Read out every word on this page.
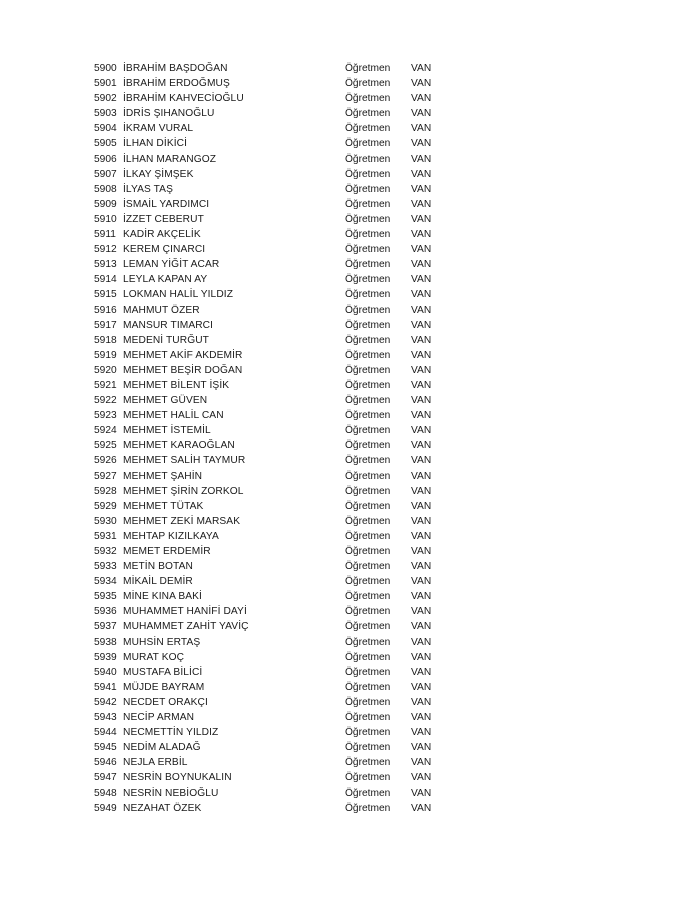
5900 İBRAHİM BAŞDOĞAN	Öğretmen VAN
5901 İBRAHİM ERDOĞMUŞ	Öğretmen VAN
5902 İBRAHİM KAHVECİOĞLU	Öğretmen VAN
5903 İDRİS ŞIHANOĞLU	Öğretmen VAN
5904 İKRAM VURAL	Öğretmen VAN
5905 İLHAN DİKİCİ	Öğretmen VAN
5906 İLHAN MARANGOZ	Öğretmen VAN
5907 İLKAY ŞİMŞEK	Öğretmen VAN
5908 İLYAS TAŞ	Öğretmen VAN
5909 İSMAİL YARDIMCI	Öğretmen VAN
5910 İZZET CEBERUT	Öğretmen VAN
5911 KADİR AKÇELİK	Öğretmen VAN
5912 KEREM ÇINARCI	Öğretmen VAN
5913 LEMAN YİĞİT ACAR	Öğretmen VAN
5914 LEYLA KAPAN AY	Öğretmen VAN
5915 LOKMAN HALİL YILDIZ	Öğretmen VAN
5916 MAHMUT ÖZER	Öğretmen VAN
5917 MANSUR TIMARCI	Öğretmen VAN
5918 MEDENİ TURĞUT	Öğretmen VAN
5919 MEHMET AKİF AKDEMİR	Öğretmen VAN
5920 MEHMET BEŞİR DOĞAN	Öğretmen VAN
5921 MEHMET BİLENT İŞİK	Öğretmen VAN
5922 MEHMET GÜVEN	Öğretmen VAN
5923 MEHMET HALİL CAN	Öğretmen VAN
5924 MEHMET İSTEMİL	Öğretmen VAN
5925 MEHMET KARAOĞLAN	Öğretmen VAN
5926 MEHMET SALİH TAYMUR	Öğretmen VAN
5927 MEHMET ŞAHİN	Öğretmen VAN
5928 MEHMET ŞİRİN ZORKOL	Öğretmen VAN
5929 MEHMET TÜTAK	Öğretmen VAN
5930 MEHMET ZEKİ MARSAK	Öğretmen VAN
5931 MEHTAP KIZILKAYA	Öğretmen VAN
5932 MEMET ERDEMİR	Öğretmen VAN
5933 METİN BOTAN	Öğretmen VAN
5934 MİKAİL DEMİR	Öğretmen VAN
5935 MİNE KINA BAKİ	Öğretmen VAN
5936 MUHAMMET HANİFİ DAYİ	Öğretmen VAN
5937 MUHAMMET ZAHİT YAVİÇ	Öğretmen VAN
5938 MUHSİN ERTAŞ	Öğretmen VAN
5939 MURAT KOÇ	Öğretmen VAN
5940 MUSTAFA BİLİCİ	Öğretmen VAN
5941 MÜJDE BAYRAM	Öğretmen VAN
5942 NECDET ORAKÇI	Öğretmen VAN
5943 NECİP ARMAN	Öğretmen VAN
5944 NECMETTİN YILDIZ	Öğretmen VAN
5945 NEDİM ALADAĞ	Öğretmen VAN
5946 NEJLA ERBİL	Öğretmen VAN
5947 NESRİN BOYNUKALIN	Öğretmen VAN
5948 NESRİN NEBİOĞLU	Öğretmen VAN
5949 NEZAHAT ÖZEK	Öğretmen VAN
